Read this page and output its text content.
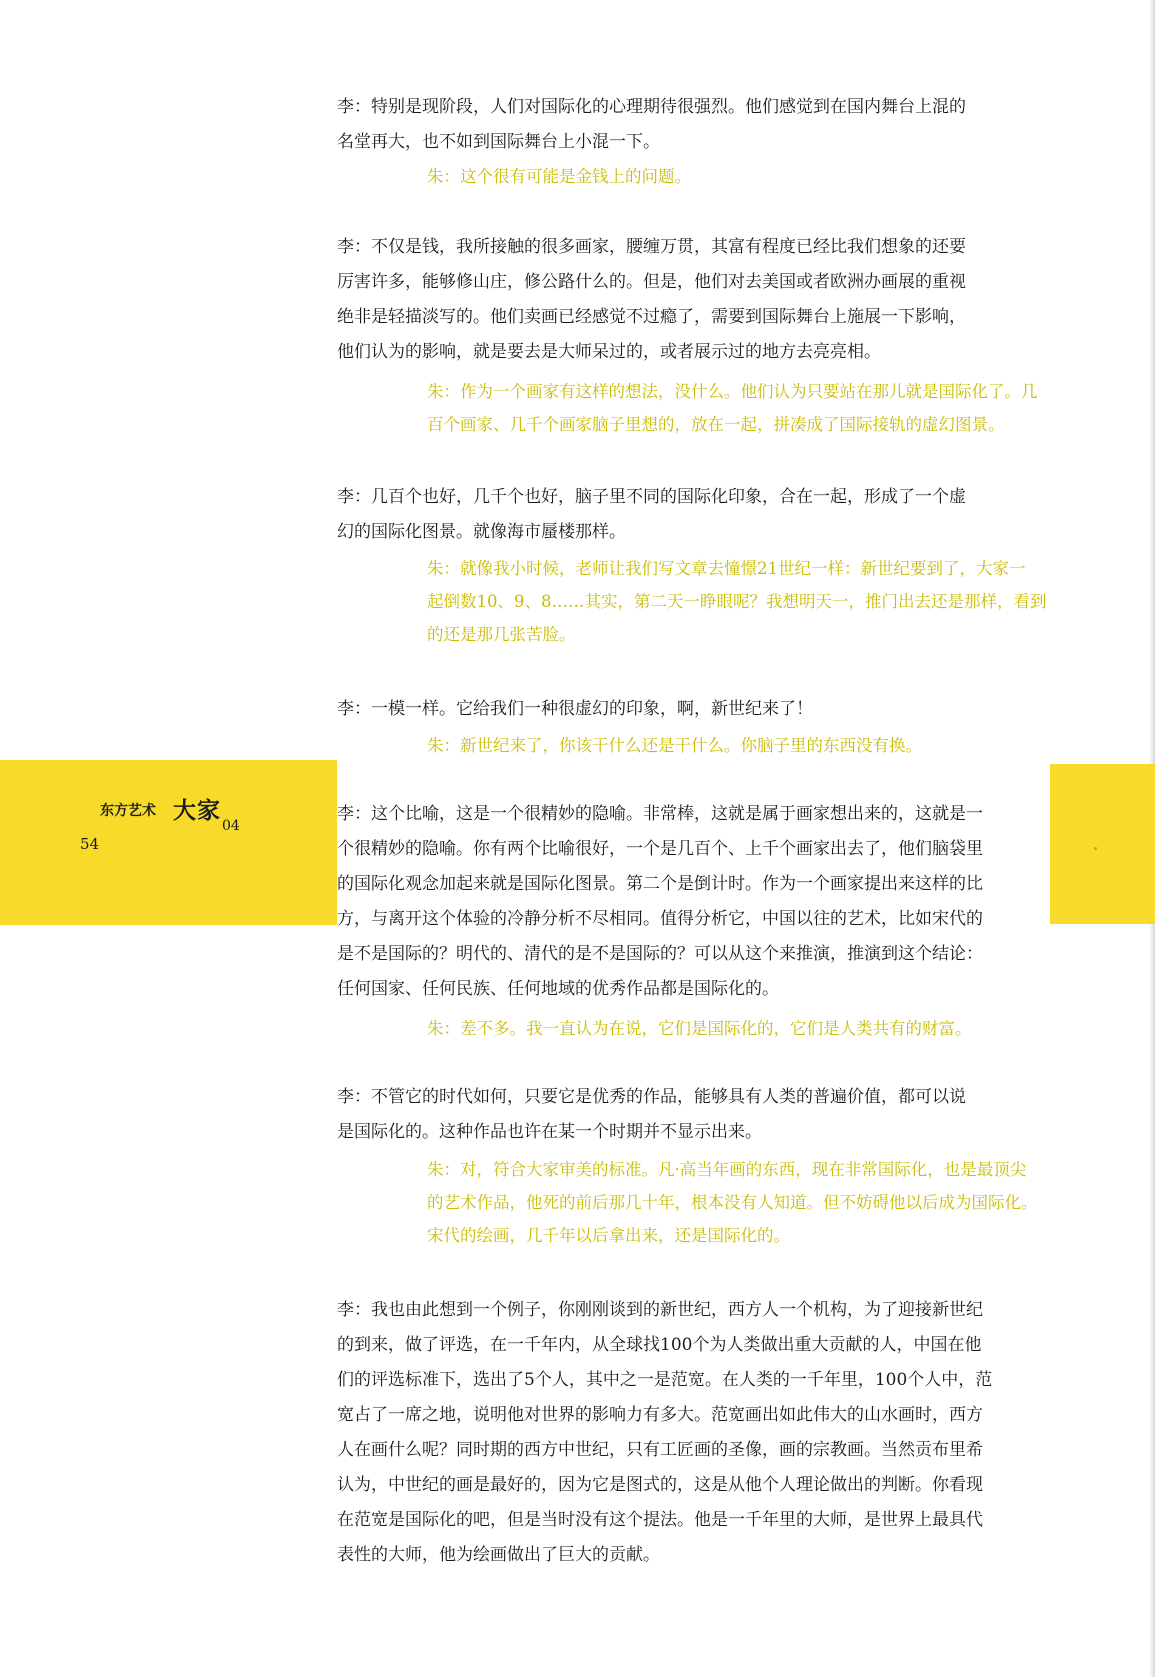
东方艺术 大家
04
54

李：特别是现阶段，人们对国际化的心理期待很强烈。他们感觉到在国内舞台上混的
名堂再大，也不如到国际舞台上小混一下。

朱：这个很有可能是金钱上的问题。

李：不仅是钱，我所接触的很多画家，腰缠万贯，其富有程度已经比我们想象的还要
厉害许多，能够修山庄，修公路什么的。但是，他们对去美国或者欧洲办画展的重视
绝非是轻描淡写的。他们卖画已经感觉不过瘾了，需要到国际舞台上施展一下影响，
他们认为的影响，就是要去是大师呆过的，或者展示过的地方去亮亮相。

朱：作为一个画家有这样的想法，没什么。他们认为只要站在那儿就是国际化了。几
百个画家、几千个画家脑子里想的，放在一起，拼凑成了国际接轨的虚幻图景。

李：几百个也好，几千个也好，脑子里不同的国际化印象，合在一起，形成了一个虚
幻的国际化图景。就像海市蜃楼那样。

朱：就像我小时候，老师让我们写文章去憧憬21世纪一样：新世纪要到了，大家一
起倒数10、9、8……其实，第二天一睁眼呢？我想明天一，推门出去还是那样，看到
的还是那几张苦脸。

李：一模一样。它给我们一种很虚幻的印象，啊，新世纪来了！

朱：新世纪来了，你该干什么还是干什么。你脑子里的东西没有换。

李：这个比喻，这是一个很精妙的隐喻。非常棒，这就是属于画家想出来的，这就是一
个很精妙的隐喻。你有两个比喻很好，一个是几百个、上千个画家出去了，他们脑袋里
的国际化观念加起来就是国际化图景。第二个是倒计时。作为一个画家提出来这样的比
方，与离开这个体验的冷静分析不尽相同。值得分析它，中国以往的艺术，比如宋代的
是不是国际的？明代的、清代的是不是国际的？可以从这个来推演，推演到这个结论：
任何国家、任何民族、任何地域的优秀作品都是国际化的。

朱：差不多。我一直认为在说，它们是国际化的，它们是人类共有的财富。

李：不管它的时代如何，只要它是优秀的作品，能够具有人类的普遍价值，都可以说
是国际化的。这种作品也许在某一个时期并不显示出来。

朱：对，符合大家审美的标准。凡·高当年画的东西，现在非常国际化，也是最顶尖
的艺术作品，他死的前后那几十年，根本没有人知道。但不妨碍他以后成为国际化。
宋代的绘画，几千年以后拿出来，还是国际化的。

李：我也由此想到一个例子，你刚刚谈到的新世纪，西方人一个机构，为了迎接新世纪
的到来，做了评选，在一千年内，从全球找100个为人类做出重大贡献的人，中国在他
们的评选标准下，选出了5个人，其中之一是范宽。在人类的一千年里，100个人中，范
宽占了一席之地，说明他对世界的影响力有多大。范宽画出如此伟大的山水画时，西方
人在画什么呢？同时期的西方中世纪，只有工匠画的圣像，画的宗教画。当然贡布里希
认为，中世纪的画是最好的，因为它是图式的，这是从他个人理论做出的判断。你看现
在范宽是国际化的吧，但是当时没有这个提法。他是一千年里的大师，是世界上最具代
表性的大师，他为绘画做出了巨大的贡献。
